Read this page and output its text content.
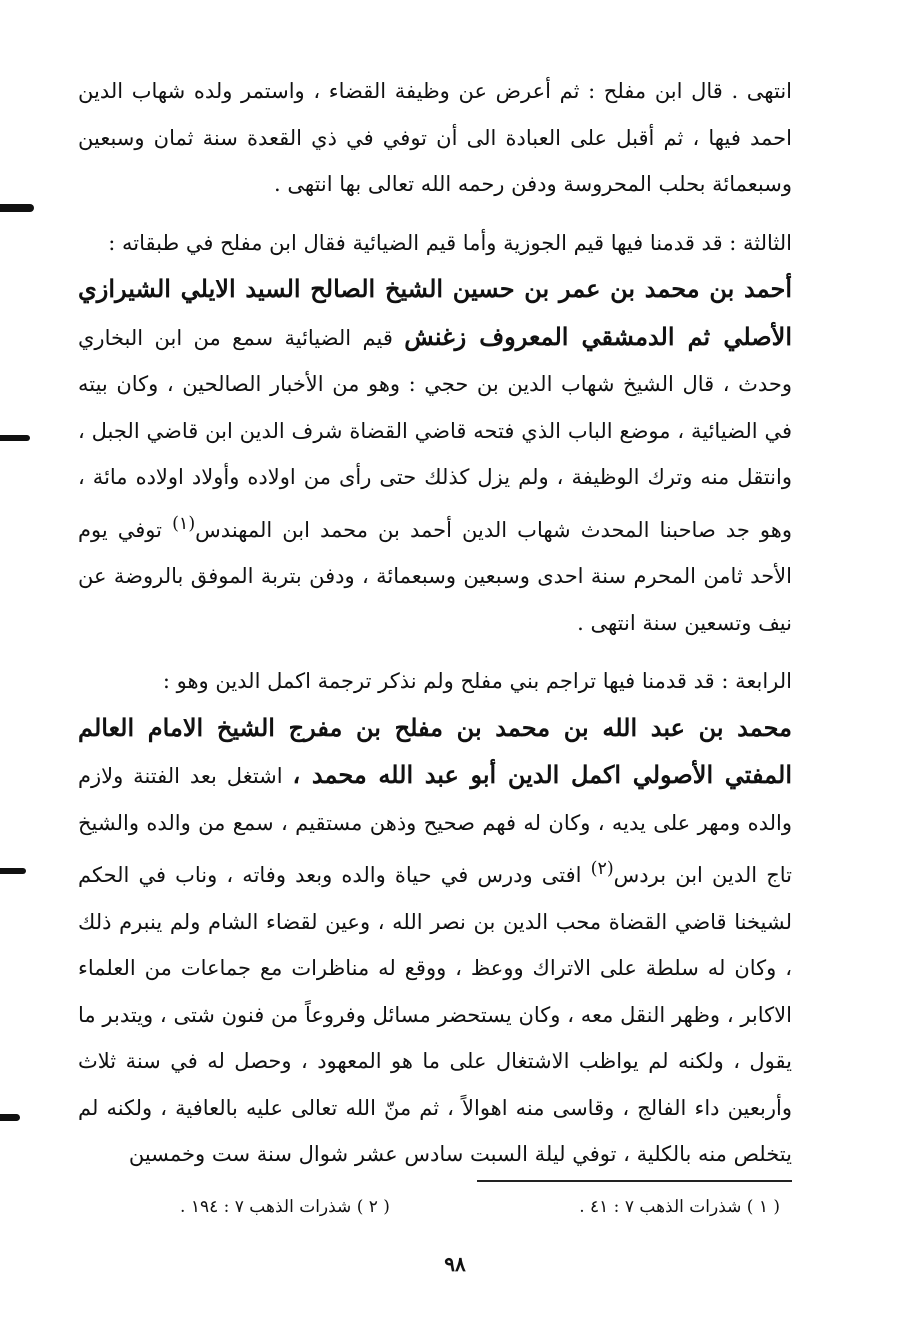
انتهى . قال ابن مفلح : ثم أعرض عن وظيفة القضاء ، واستمر ولده شهاب الدين احمد فيها ، ثم أقبل على العبادة الى أن توفي في ذي القعدة سنة ثمان وسبعين وسبعمائة بحلب المحروسة ودفن رحمه الله تعالى بها انتهى .

الثالثة : قد قدمنا فيها قيم الجوزية وأما قيم الضيائية فقال ابن مفلح في طبقاته :
أحمد بن محمد بن عمر بن حسين الشيخ الصالح السيد الايلي الشيرازي الأصلي ثم الدمشقي المعروف زغنش قيم الضيائية سمع من ابن البخاري وحدث ، قال الشيخ شهاب الدين بن حجي : وهو من الأخبار الصالحين ، وكان بيته في الضيائية ، موضع الباب الذي فتحه قاضي القضاة شرف الدين ابن قاضي الجبل ، وانتقل منه وترك الوظيفة ، ولم يزل كذلك حتى رأى من اولاده وأولاد اولاده مائة ، وهو جد صاحبنا المحدث شهاب الدين أحمد بن محمد ابن المهندس$^{(١)}$ توفي يوم الأحد ثامن المحرم سنة احدى وسبعين وسبعمائة ، ودفن بتربة الموفق بالروضة عن نيف وتسعين سنة انتهى .

الرابعة : قد قدمنا فيها تراجم بني مفلح ولم نذكر ترجمة اكمل الدين وهو :
محمد بن عبد الله بن محمد بن مفلح بن مفرج الشيخ الامام العالم المفتي الأصولي اكمل الدين أبو عبد الله محمد ، اشتغل بعد الفتنة ولازم والده ومهر على يديه ، وكان له فهم صحيح وذهن مستقيم ، سمع من والده والشيخ تاج الدين ابن بردس$^{(٢)}$ افتى ودرس في حياة والده وبعد وفاته ، وناب في الحكم لشيخنا قاضي القضاة محب الدين بن نصر الله ، وعين لقضاء الشام ولم ينبرم ذلك ، وكان له سلطة على الاتراك ووعظ ، ووقع له مناظرات مع جماعات من العلماء الاكابر ، وظهر النقل معه ، وكان يستحضر مسائل وفروعاً من فنون شتى ، ويتدبر ما يقول ، ولكنه لم يواظب الاشتغال على ما هو المعهود ، وحصل له في سنة ثلاث وأربعين داء الفالج ، وقاسى منه اهوالاً ، ثم منّ الله تعالى عليه بالعافية ، ولكنه لم يتخلص منه بالكلية ، توفي ليلة السبت سادس عشر شوال سنة ست وخمسين

( ١ ) شذرات الذهب ٧ : ٤١ .
( ٢ ) شذرات الذهب ٧ : ١٩٤ .
٩٨
